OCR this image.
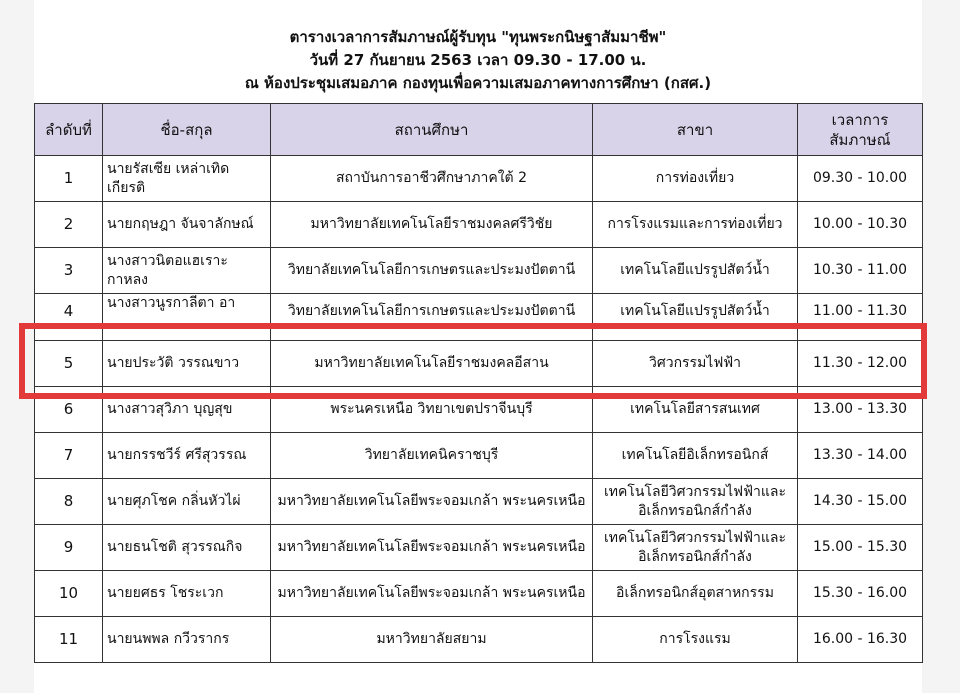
ตารางเวลาการสัมภาษณ์ผู้รับทุน "ทุนพระกนิษฐาสัมมาชีพ"
วันที่ 27 กันยายน 2563 เวลา 09.30 - 17.00 น.
ณ ห้องประชุมเสมอภาค กองทุนเพื่อความเสมอภาคทางการศึกษา (กสศ.)
ลำดับที่	ชื่อ-สกุล	สถานศึกษา	สาขา	เวลาการ สัมภาษณ์
1	นายรัสเซีย เหล่าเทิด เกียรติ	สถาบันการอาชีวศึกษาภาคใต้ 2	การท่องเที่ยว	09.30 - 10.00
2	นายกฤษฎา จันจาลักษณ์	มหาวิทยาลัยเทคโนโลยีราชมงคลศรีวิชัย	การโรงแรมและการท่องเที่ยว	10.00 - 10.30
3	นางสาวนิตอแฮเราะ กาหลง	วิทยาลัยเทคโนโลยีการเกษตรและประมงปัตตานี	เทคโนโลยีแปรรูปสัตว์น้ำ	10.30 - 11.00

4	นางสาวนูรกาลีตา อา	วิทยาลัยเทคโนโลยีการเกษตรและประมงปัตตานี	เทคโนโลยีแปรรูปสัตว์น้ำ	11.00 - 11.30

5	นายประวัติ วรรณขาว	มหาวิทยาลัยเทคโนโลยีราชมงคลอีสาน	วิศวกรรมไฟฟ้า	11.30 - 12.00
6	นางสาวสุวิภา บุญสุข	พระนครเหนือ วิทยาเขตปราจีนบุรี	เทคโนโลยีสารสนเทศ	13.00 - 13.30
7	นายกรรชวีร์ ศรีสุวรรณ	วิทยาลัยเทคนิคราชบุรี	เทคโนโลยีอิเล็กทรอนิกส์	13.30 - 14.00
8	นายศุภโชค กลิ่นหัวไผ่	มหาวิทยาลัยเทคโนโลยีพระจอมเกล้า พระนครเหนือ	เทคโนโลยีวิศวกรรมไฟฟ้าและ อิเล็กทรอนิกส์กำลัง	14.30 - 15.00
9	นายธนโชติ สุวรรณกิจ	มหาวิทยาลัยเทคโนโลยีพระจอมเกล้า พระนครเหนือ	เทคโนโลยีวิศวกรรมไฟฟ้าและ อิเล็กทรอนิกส์กำลัง	15.00 - 15.30
10	นายยศธร โชระเวก	มหาวิทยาลัยเทคโนโลยีพระจอมเกล้า พระนครเหนือ	อิเล็กทรอนิกส์อุตสาหกรรม	15.30 - 16.00
11	นายนพพล กวีวรากร	มหาวิทยาลัยสยาม	การโรงแรม	16.00 - 16.30
